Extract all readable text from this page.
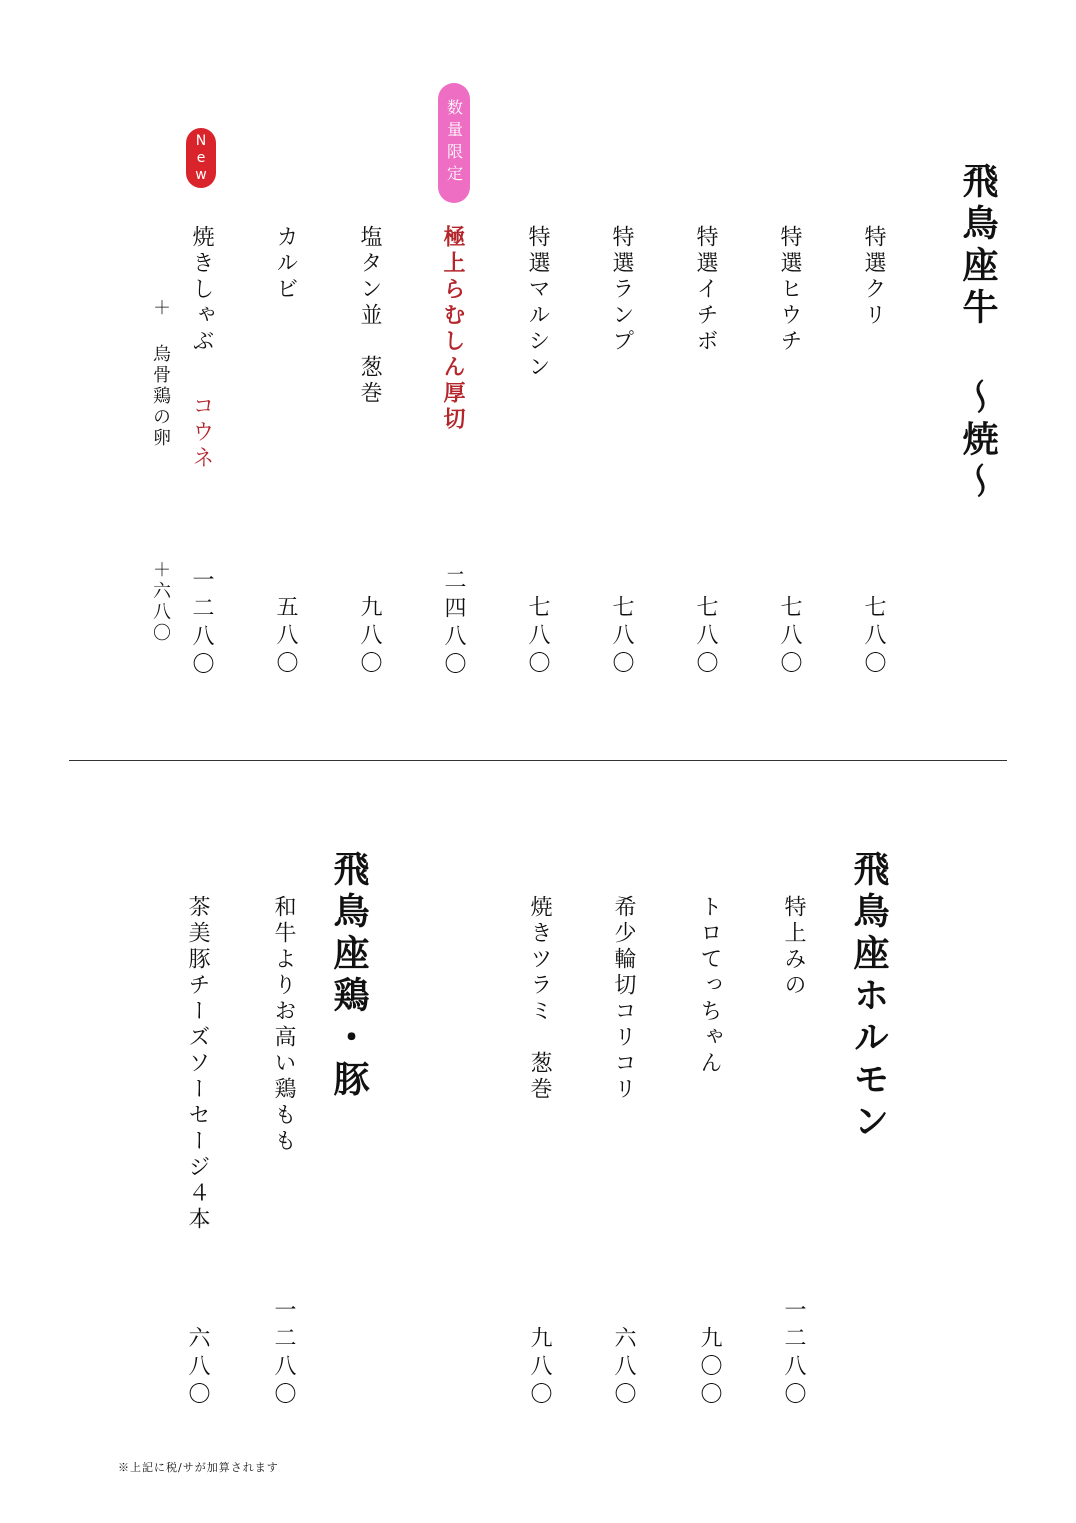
飛鳥座牛 〜焼〜
特選クリ
七八〇
特選ヒウチ
七八〇
特選イチボ
七八〇
特選ランプ
七八〇
特選マルシン
七八〇
数量限定
極上らむしん厚切
二四八〇
塩タン並　葱巻
九八〇
カルビ
五八〇
New
焼きしゃぶ
コウネ
一二八〇
＋
烏骨鶏の卵
＋六八〇
飛鳥座ホルモン
特上みの
一二八〇
トロてっちゃん
九〇〇
希少輪切コリコリ
六八〇
焼きツラミ　葱巻
九八〇
飛鳥座鶏・豚
和牛よりお高い鶏もも
一二八〇
茶美豚チーズソーセージ４本
六八〇
※上記に税/サが加算されます
